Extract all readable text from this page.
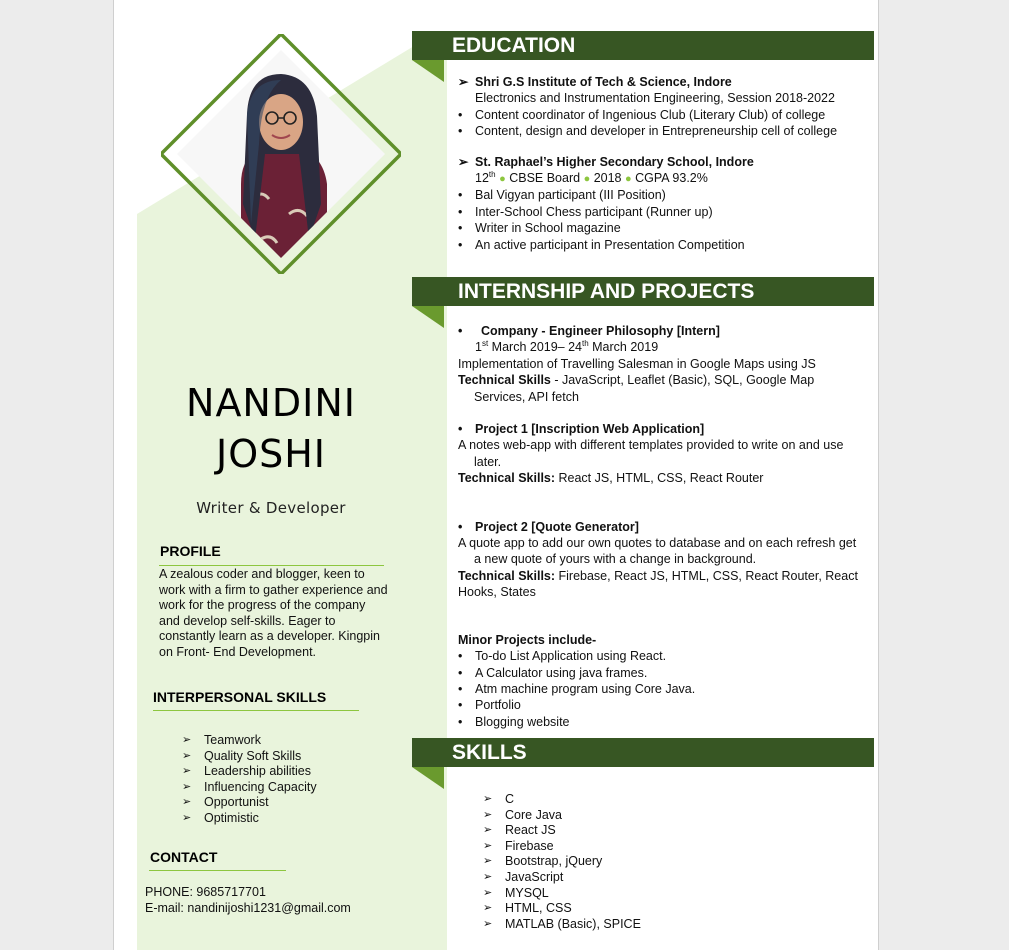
NANDINI
JOSHI
Writer & Developer
PROFILE
A zealous coder and blogger, keen to work with a firm to gather experience and work for the progress of the company and develop self-skills. Eager to constantly learn as a developer. Kingpin on Front- End Development.
INTERPERSONAL SKILLS
➢ Teamwork
➢ Quality Soft Skills
➢ Leadership abilities
➢ Influencing Capacity
➢ Opportunist
➢ Optimistic
CONTACT
PHONE: 9685717701
E-mail: nandinijoshi1231@gmail.com
EDUCATION
➢ Shri G.S Institute of Tech & Science, Indore
Electronics and Instrumentation Engineering, Session 2018-2022
• Content coordinator of Ingenious Club (Literary Club) of college
• Content, design and developer in Entrepreneurship cell of college
➢ St. Raphael’s Higher Secondary School, Indore
12th ● CBSE Board ● 2018 ● CGPA 93.2%
• Bal Vigyan participant (III Position)
• Inter-School Chess participant (Runner up)
• Writer in School magazine
• An active participant in Presentation Competition
INTERNSHIP AND PROJECTS
• Company - Engineer Philosophy [Intern]
1st March 2019– 24th March 2019
Implementation of Travelling Salesman in Google Maps using JS
Technical Skills - JavaScript, Leaflet (Basic), SQL, Google Map Services, API fetch
• Project 1 [Inscription Web Application]
A notes web-app with different templates provided to write on and use later.
Technical Skills: React JS, HTML, CSS, React Router
• Project 2 [Quote Generator]
A quote app to add our own quotes to database and on each refresh get a new quote of yours with a change in background.
Technical Skills: Firebase, React JS, HTML, CSS, React Router, React Hooks, States
Minor Projects include-
• To-do List Application using React.
• A Calculator using java frames.
• Atm machine program using Core Java.
• Portfolio
• Blogging website
SKILLS
➢ C
➢ Core Java
➢ React JS
➢ Firebase
➢ Bootstrap, jQuery
➢ JavaScript
➢ MYSQL
➢ HTML, CSS
➢ MATLAB (Basic), SPICE
